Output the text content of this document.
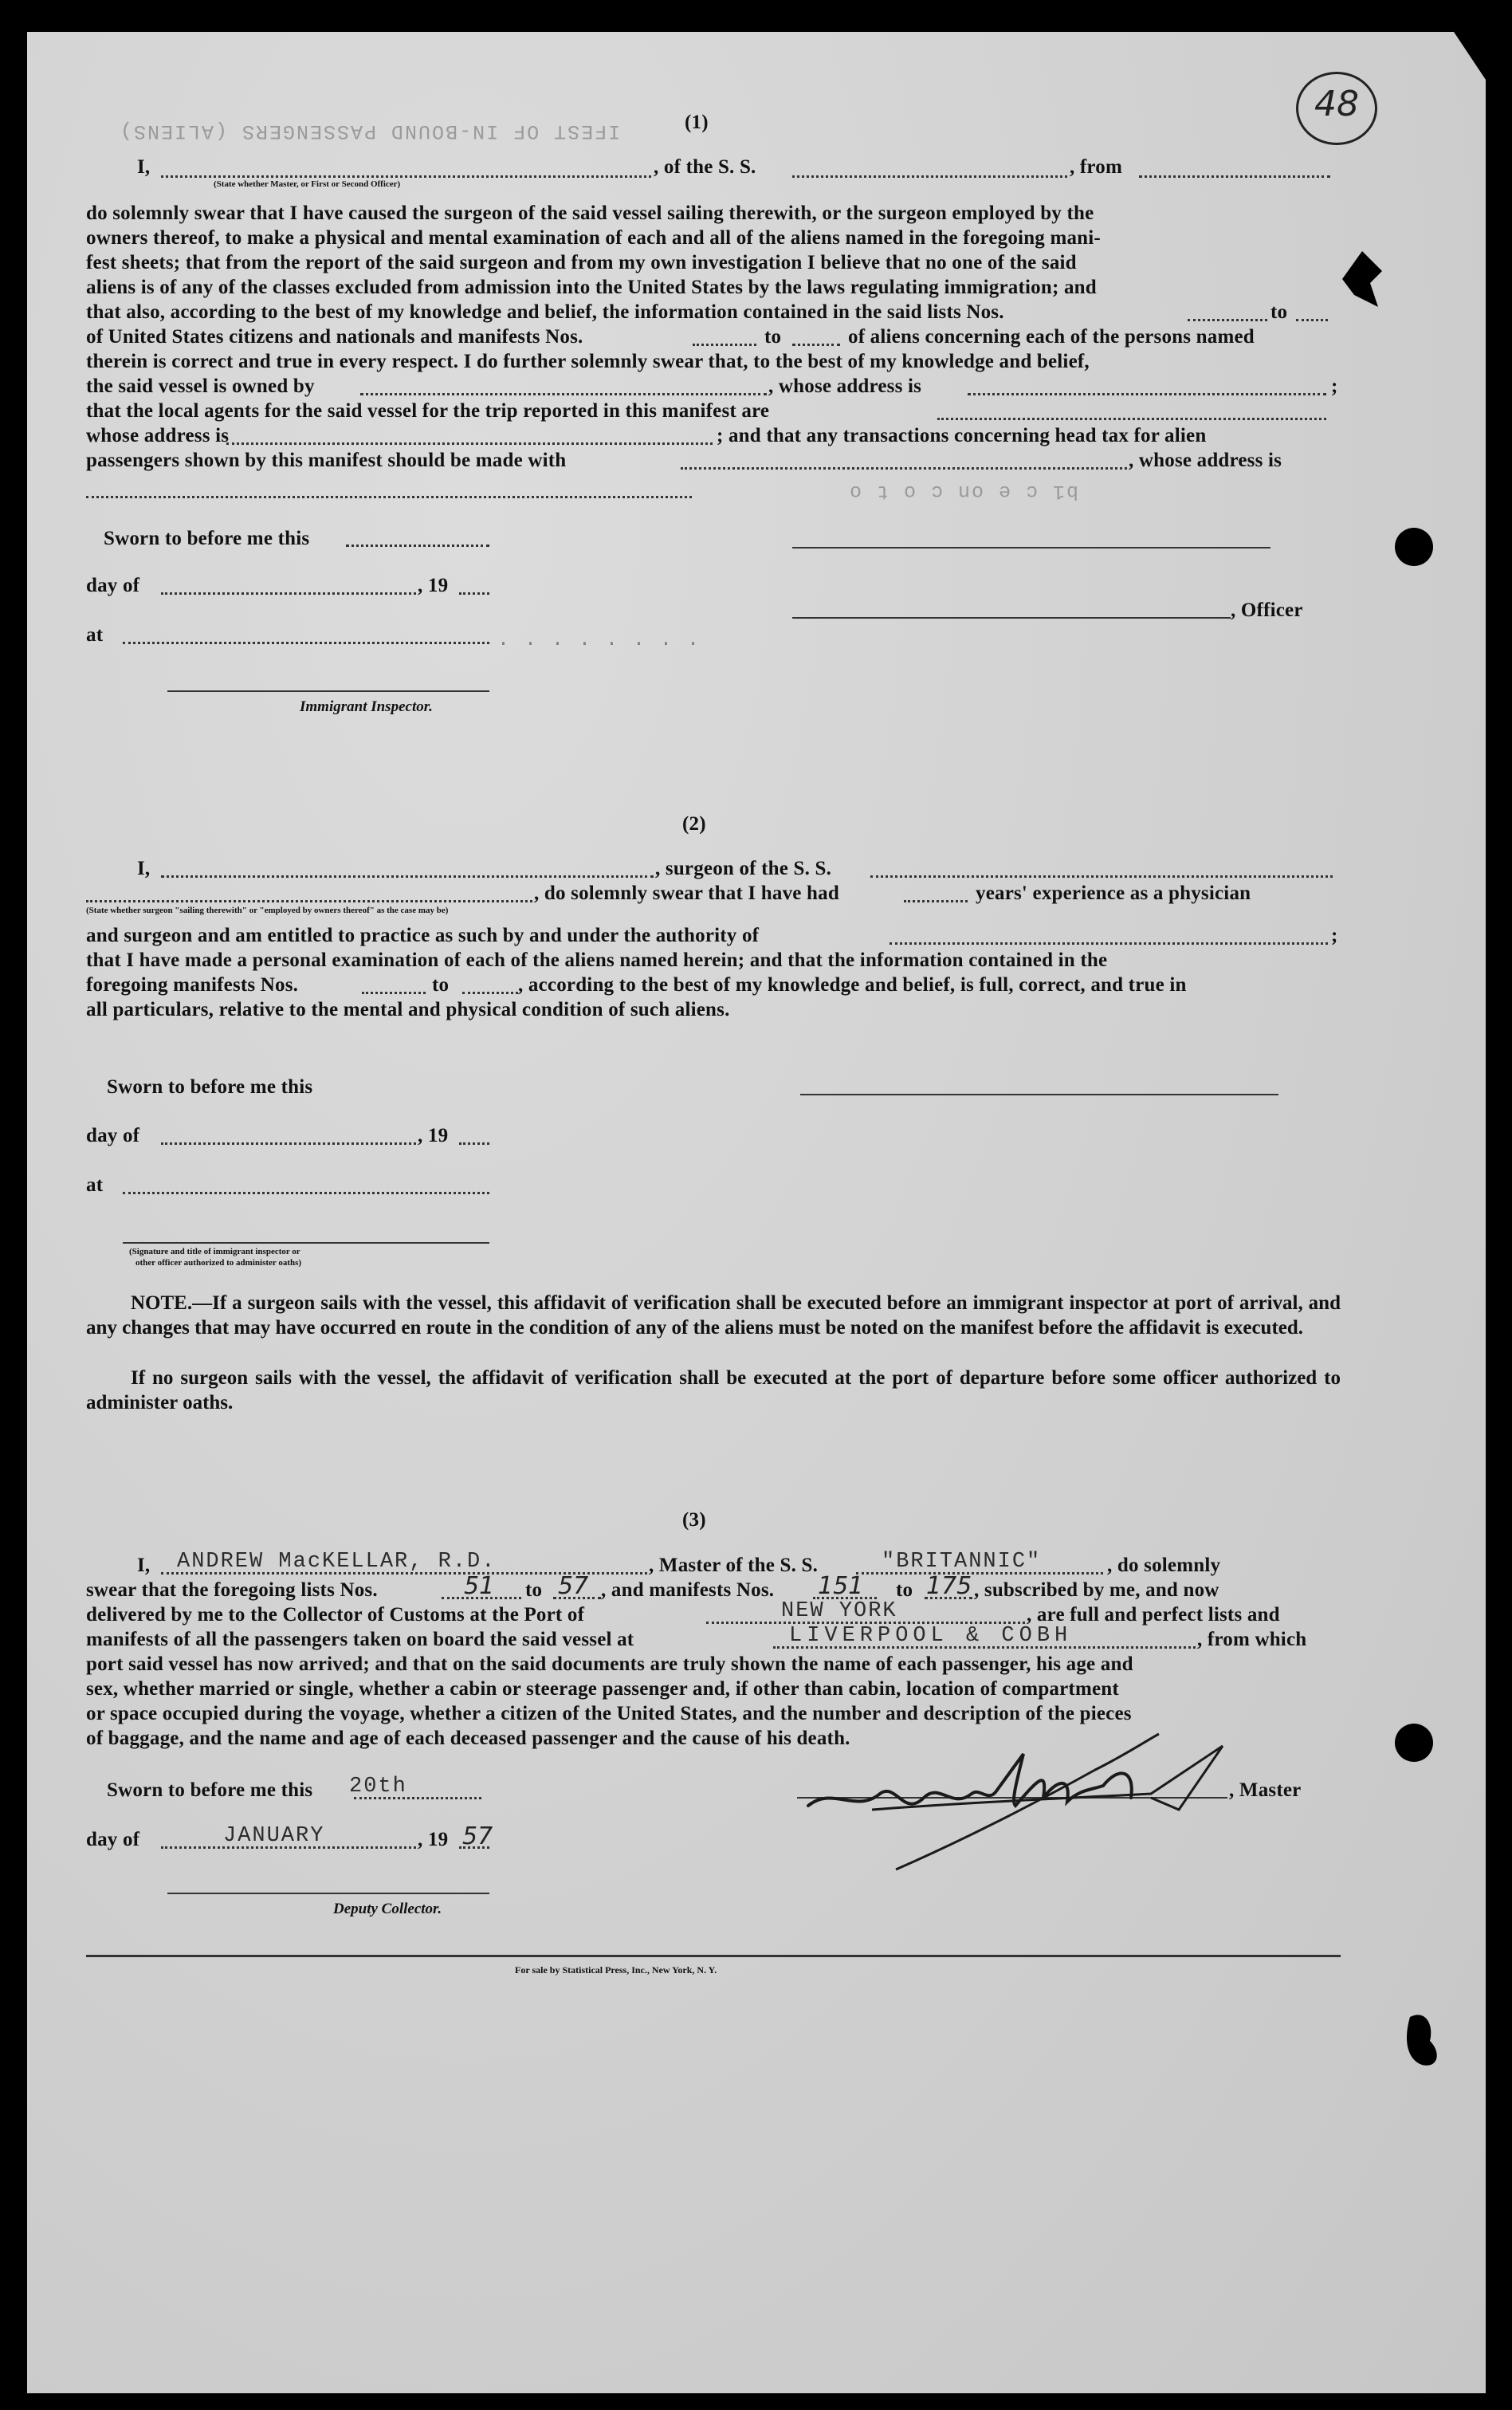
48
IFEST OF IN-BOUND PASSENGERS (ALIENS)
b1 c e on c o t o
(1)
I,	, of the S. S.	, from
(State whether Master, or First or Second Officer)
do solemnly swear that I have caused the surgeon of the said vessel sailing therewith, or the surgeon employed by the
owners thereof, to make a physical and mental examination of each and all of the aliens named in the foregoing mani-
fest sheets; that from the report of the said surgeon and from my own investigation I believe that no one of the said
aliens is of any of the classes excluded from admission into the United States by the laws regulating immigration; and
that also, according to the best of my knowledge and belief, the information contained in the said lists Nos.	to
of United States citizens and nationals and manifests Nos.	to	of aliens concerning each of the persons named
therein is correct and true in every respect. I do further solemnly swear that, to the best of my knowledge and belief,
the said vessel is owned by	, whose address is	;
that the local agents for the said vessel for the trip reported in this manifest are
whose address is	; and that any transactions concerning head tax for alien
passengers shown by this manifest should be made with	, whose address is
Sworn to before me this
day of	, 19
, Officer
at	. . . . . . . .
Immigrant Inspector.
(2)
I,	, surgeon of the S. S.
, do solemnly swear that I have had	years' experience as a physician
(State whether surgeon "sailing therewith" or "employed by owners thereof" as the case may be)
and surgeon and am entitled to practice as such by and under the authority of	;
that I have made a personal examination of each of the aliens named herein; and that the information contained in the
foregoing manifests Nos.	to	, according to the best of my knowledge and belief, is full, correct, and true in
all particulars, relative to the mental and physical condition of such aliens.
Sworn to before me this
day of	, 19
at
(Signature and title of immigrant inspector or
other officer authorized to administer oaths)
NOTE.—If a surgeon sails with the vessel, this affidavit of verification shall be executed before an immigrant inspector at port of arrival, and any changes that may have occurred en route in the condition of any of the aliens must be noted on the manifest before the affidavit is executed.
If no surgeon sails with the vessel, the affidavit of verification shall be executed at the port of departure before some officer authorized to administer oaths.
(3)
I, ANDREW MacKELLAR, R.D.	, Master of the S. S.	"BRITANNIC"	, do solemnly
swear that the foregoing lists Nos.	51 to 57 , and manifests Nos. 151 to 175 , subscribed by me, and now
delivered by me to the Collector of Customs at the Port of	NEW YORK	, are full and perfect lists and
manifests of all the passengers taken on board the said vessel at	LIVERPOOL & COBH	, from which
port said vessel has now arrived; and that on the said documents are truly shown the name of each passenger, his age and
sex, whether married or single, whether a cabin or steerage passenger and, if other than cabin, location of compartment
or space occupied during the voyage, whether a citizen of the United States, and the number and description of the pieces
of baggage, and the name and age of each deceased passenger and the cause of his death.
Sworn to before me this 20th	, Master
day of	JANUARY	, 19 57
Deputy Collector.
For sale by Statistical Press, Inc., New York, N. Y.
